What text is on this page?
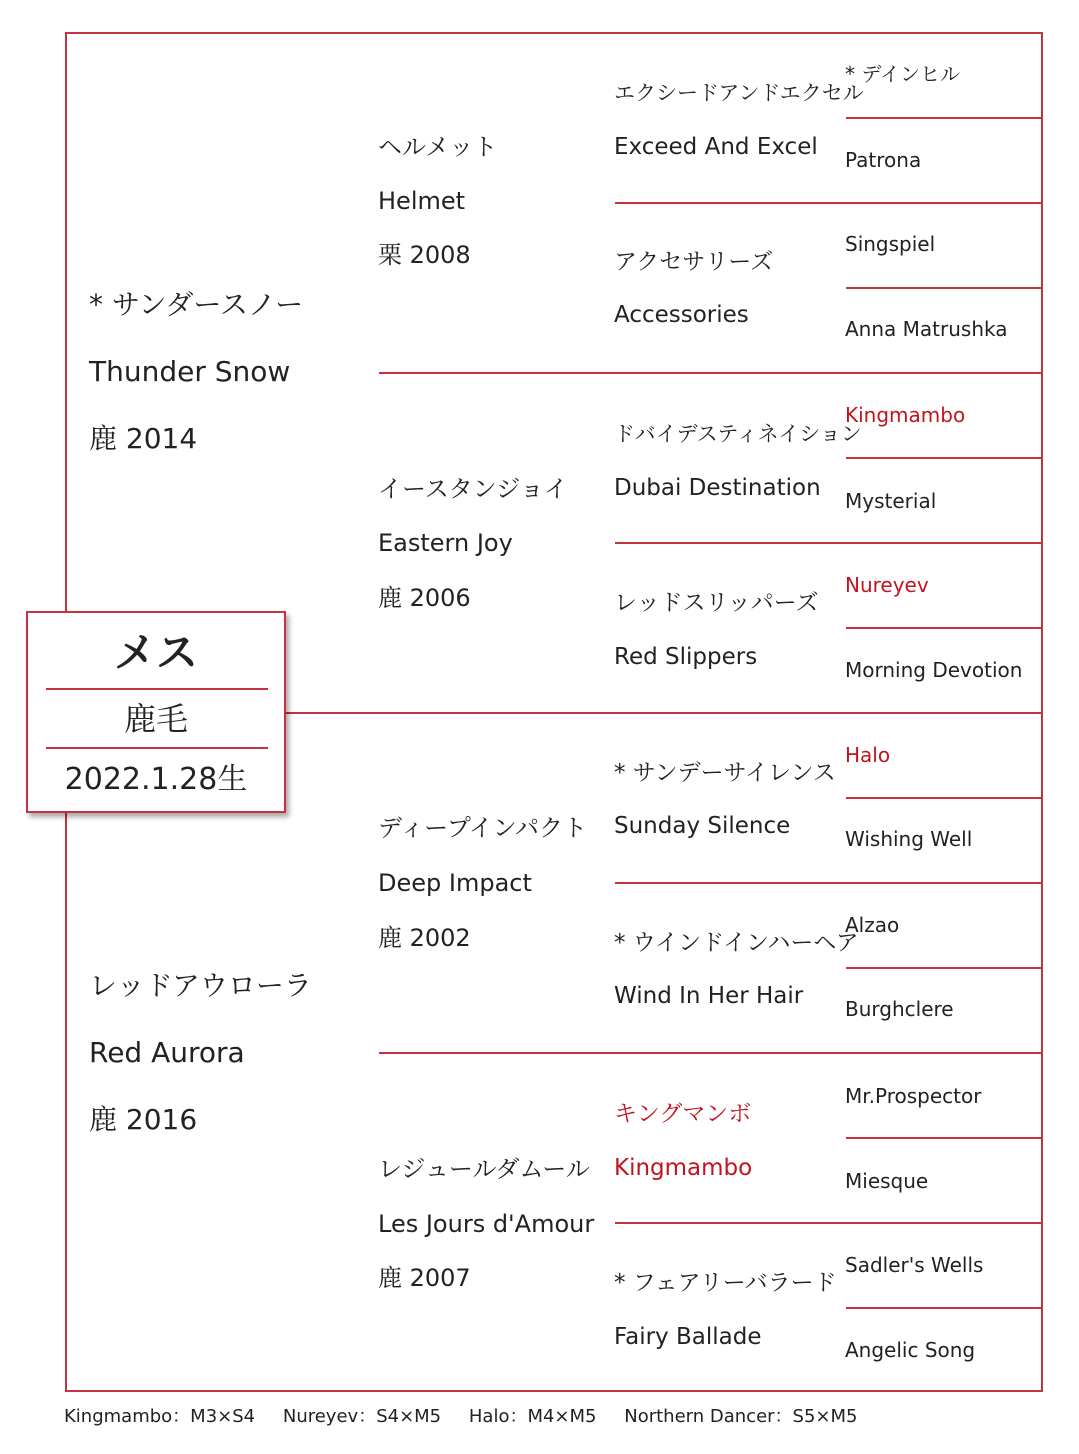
* サンダースノー
Thunder Snow
鹿 2014
レッドアウローラ
Red Aurora
鹿 2016
ヘルメット
Helmet
栗 2008
イースタンジョイ
Eastern Joy
鹿 2006
ディープインパクト
Deep Impact
鹿 2002
レジュールダムール
Les Jours d'Amour
鹿 2007
エクシードアンドエクセル
Exceed And Excel
アクセサリーズ
Accessories
ドバイデスティネイション
Dubai Destination
レッドスリッパーズ
Red Slippers
* サンデーサイレンス
Sunday Silence
* ウインドインハーヘア
Wind In Her Hair
キングマンボ
Kingmambo
* フェアリーバラード
Fairy Ballade
* デインヒル
Patrona
Singspiel
Anna Matrushka
Kingmambo
Mysterial
Nureyev
Morning Devotion
Halo
Wishing Well
Alzao
Burghclere
Mr.Prospector
Miesque
Sadler's Wells
Angelic Song
メス
鹿毛
2022.1.28生
Kingmambo：M3×S4 Nureyev：S4×M5 Halo：M4×M5 Northern Dancer：S5×M5
